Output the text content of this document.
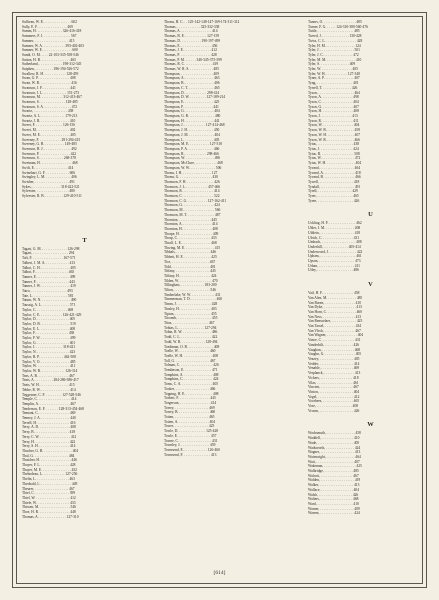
Sullivan, W. E. . . . . . . . . . . . . . . . 602
Sully, E. F. . . . . . . . . . . . . . . . . 469
Summ, H. . . . . . . . . . . . . . . 326-416-418
Summers, F. J. . . . . . . . . . . . . . . . 567
Sumner, . . . . . . . . . . . . . . . . . . . 415
Sumner, W. A. . . . . . . . . . . . . 393-402-403
Sumner, W. E. . . . . . . . . . . . . . . . . 600
Sundt, O. M. . . . . 22-103-335-558-546
Sutton, H. B. . . . . . . . . . . . . . . . . 465
Sutherland, . . . . . . . . . . . . . 198-312-345
Sutphen, . . . . . . . . . . 186-194-526-572
Swallow, R. H. . . . . . . . . . . . . 128-459
Swan, G. P. . . . . . . . . . . . . . . . . . 408
Swan, W. B. . . . . . . . . . . . . . . . . . 416
Swanson, J. F. . . . . . . . . . . . . . . . 441
Swanson, I. L. . . . . . . . . . . . . . 151-273
Swanson, M. . . . . . . . . . . . . 312-413-467
Swanson, S. . . . . . . . . . . . . . . 128-485
Swanson, S. A. . . . . . . . . . . . . . . . 472
Swartz, . . . . . . . . . . . . . . . . . . . 458
Swartz, A. L. . . . . . . . . . . . . . 179-213
Swartz, J. R. . . . . . . . . . . . . . . . . 410
Sweet, F. . . . . . . . . . . . . . . . 126-156
Sweet, M. . . . . . . . . . . . . . . . . . . 402
Sweet, M. E. . . . . . . . . . . . . . . . . 405
Sweeney, F. . . . . . . . . . . . . 291-294-415
Sweeney, G. B. . . . . . . . . . . . 149-485
Swenson, H. J. . . . . . . . . . . . . . . . 492
Swenson, P. . . . . . . . . . . . . . . . . . 422
Swenson, S. . . . . . . . . . . . . . 268-378
Swetnam, H. . . . . . . . . . . . . . . . . . 468
Swift, E. . . . . . . . . . . . . . . . . . . 414
Swinehart, G. F. . . . . . . . . . . . . . 606
Swingley, L. M. . . . . . . . . . . . . . . 406
Swisher, . . . . . . . . . . . . . . . . . . . 491
Sykes, . . . . . . . . . . . . . . . . 318-422-521
Sylvester, . . . . . . . . . . . . . . . . . . 480
Sylvester, R. B. . . . . . . . . . . 129-410-511
T
Tagart, G. M. . . . . . . . . . . . . . . 126-298
Tagart, . . . . . . . . . . . . . . . . . . . . 294
Taft, F. . . . . . . . . . . . . . . . . . 167-571
Talbert, J. M. A. . . . . . . . . . . . . . 413
Talbot, C. H. . . . . . . . . . . . . . . . . 405
Talbot, F. . . . . . . . . . . . . . . . . . . 465
Tanner, E. . . . . . . . . . . . . . . . . . . 499
Tanner, F. . . . . . . . . . . . . . . . . . . 443
Tanner, J. W. . . . . . . . . . . . . . . . . 419
Tatro, . . . . . . . . . . . . . . . . . . . . 493
Tate, L. . . . . . . . . . . . . . . . . . . . 581
Tatum, W. N. . . . . . . . . . . . . . . . . 490
Taussig, A. L. . . . . . . . . . . . . . . . 571
Taylor, C. . . . . . . . . . . . . . . . . . 468
Taylor, C. E. . . . . . . . . . . . . 126-421-429
Taylor, D. . . . . . . . . . . . . . . . . . . 405
Taylor, D. B. . . . . . . . . . . . . . . . . 519
Taylor, E. L. . . . . . . . . . . . . . . . . 408
Taylor, F. . . . . . . . . . . . . . . . . . . 438
Taylor, F. W. . . . . . . . . . . . . . . . . 499
Taylor, G. . . . . . . . . . . . . . . . . . . 401
Taylor, J. . . . . . . . . . . . . . . . 318-421
Taylor, N. . . . . . . . . . . . . . . . . . . 423
Taylor, R. P. . . . . . . . . . . . . . 462-508
Taylor, V. O. . . . . . . . . . . . . . . . . 485
Taylor, W. . . . . . . . . . . . . . . . . . . 411
Taylor, W. R. . . . . . . . . . . . . . 126-314
Teas, A. B. . . . . . . . . . . . . . . . . . 467
Teats, A. . . . . . . . . . . 284-286-386-417
Teats, W. H. . . . . . . . . . . . . . . . . 415
Tebbe, R. W. . . . . . . . . . . . . . . . . 414
Teggesner, C. F. . . . . . . . . . 127-528-546
Temple, C. . . . . . . . . . . . . . . . . . . 414
Templin, A. . . . . . . . . . . . . . . . . . 467
Tenderson, E. F. . . . . . . . 128-313-454-468
Tennant, C. . . . . . . . . . . . . . . . . . 469
Tenney, J. A. . . . . . . . . . . . . . . . . 440
Terrell, H. . . . . . . . . . . . . . . . . . . 416
Terry, A. D. . . . . . . . . . . . . . . . . . 408
Terry, B. . . . . . . . . . . . . . . . . . . . 418
Terry, C. W. . . . . . . . . . . . . . . . . . 412
Terry, H. . . . . . . . . . . . . . . . . . . . 422
Terry, S. H. . . . . . . . . . . . . . . . . . 414
Thacher, G. B. . . . . . . . . . . . . . . . . 404
Thal, G. . . . . . . . . . . . . . . . . . . . 484
Thatcher, H. . . . . . . . . . . . . . . . . . 446
Thayer, F. L. . . . . . . . . . . . . . . . . 428
Thayer, M. E. . . . . . . . . . . . . . . . . 452
Thebodeau, L. . . . . . . . . . . . . 127-256
Thelin, L. . . . . . . . . . . . . . . . . . . 463
Theobald, L. . . . . . . . . . . . . . . . . . 449
Theurer, . . . . . . . . . . . . . . . . . . . 467
Thiel, C. . . . . . . . . . . . . . . . . . . . 399
Thiel, W. . . . . . . . . . . . . . . . . . . . 412
Thiele, W. . . . . . . . . . . . . . . . . . . 433
Thissen, M. . . . . . . . . . . . . . . . . . 546
Thoe, H. R. . . . . . . . . . . . . . . . . . 448
Thomas, A. . . . . . . . . . . . . . . . 127-310
Thoms, H. C. . . 125-142-148-147-169-174-311-312
Thomas, . . . . . . . . . . . . . 325-332-338
Thomas, A. . . . . . . . . . . . . . . . . . 414
Thomas, B. E. . . . . . . . . . . . . 127-159
Thomas, D. . . . . . . . . . . . 190-197-499
Thomas, E. . . . . . . . . . . . . . . . . . 456
Thomas, J. E. . . . . . . . . . . . . . . . 412
Thomas, P. . . . . . . . . . . . . . . . . . 428
Thomas, P. M. . . . . . . 340-345-375-399
Thomas, R. C. . . . . . . . . . . . . . . . 419
Thomas, W. R. S. . . . . . . . . . . . . . 485
Thompson, . . . . . . . . . . . . . . . . . . 409
Thompson, A. . . . . . . . . . . . . . . . . 463
Thompson, B. . . . . . . . . . . . . . . . . 406
Thompson, C. T. . . . . . . . . . . . . . . 465
Thompson, D. . . . . . . . . . . . . 298-414
Thompson, D. W. . . . . . . . . . 127-189-214
Thompson, E. . . . . . . . . . . . . . . . . 425
Thompson, F. . . . . . . . . . . . . . . . . 441
Thompson, G. . . . . . . . . . . . . . . . . 404
Thompson, G. R. . . . . . . . . . . . . . . 480
Thompson, H. . . . . . . . . . . . . . . . . 441
Thompson, J. . . . . . . . . . . . . 127-414-468
Thompson, J. H. . . . . . . . . . . . . . . 450
Thompson, J. M. . . . . . . . . . . . . . . 404
Thompson, L. . . . . . . . . . . . . . . . . 405
Thompson, M. E. . . . . . . . . . . . 127-518
Thompson, P. A. . . . . . . . . . . . . . . 466
Thompson, R. . . . . . . . . . . . . 298-466
Thompson, W. . . . . . . . . . . . . . . . . 496
Thompson, McClure, . . . . . . . . . . . . 468
Thompson, W. W. . . . . . . . . . . . . . . 506
Thoms, I. H. . . . . . . . . . . . . . . . . 127
Thoms, G. . . . . . . . . . . . . . . . . . . 430
Thomson, F. H. . . . . . . . . . . . . . . . 426
Thomson, J. L. . . . . . . . . . . . . 457-466
Thomson, R. . . . . . . . . . . . . . . . . . 414
Thomson, C. . . . . . . . . . . . . . . . . . 522
Thomson, C. G. . . . . . . . . . . . 127-162-411
Thomson, G. . . . . . . . . . . . . . . . . . 424
Thomson, M. . . . . . . . . . . . . . . . . . 566
Thomson, M. T. . . . . . . . . . . . . . . . 487
Thornton, . . . . . . . . . . . . . . . . . . 445
Thornton, A. . . . . . . . . . . . . . . . . 414
Thornton, H. . . . . . . . . . . . . . . . . 408
Thorpe, H. . . . . . . . . . . . . . . . . . . 409
Thorp, C. . . . . . . . . . . . . . . . . . . 433
Thrall, L. E. . . . . . . . . . . . . . . . . 468
Thwing, M. E. . . . . . . . . . . . . . . . . 415
Tibbals, . . . . . . . . . . . . . . . . . . . 446
Tibbett, H. E. . . . . . . . . . . . . . . . 425
Tice, . . . . . . . . . . . . . . . . . . . . . 467
Tidd, . . . . . . . . . . . . . . . . . . . . . 401
Tiffany, . . . . . . . . . . . . . . . . . . . 445
Tiffany, H. . . . . . . . . . . . . . . . . . 424
Tilden, W. . . . . . . . . . . . . . . . . . . 470
Tillinghast, . . . . . . . . . . . . . 183-200
Tilton, . . . . . . . . . . . . . . . . . . . . 546
Timberlake, W. W. . . . . . . . . . . . . . 431
Timmerman, T. D. . . . . . . . . . . . . . . 460
Timm, J. . . . . . . . . . . . . . . . . . . . 428
Tinsley, H. . . . . . . . . . . . . . . . . . 403
Tipton, . . . . . . . . . . . . . . . . . . . . 455
Titcomb, . . . . . . . . . . . . . . . . . . . 455
Titus, . . . . . . . . . . . . . . . . . . . . 467
Tobias, L. . . . . . . . . . . . . . . 127-294
Tobin, R. W. . . . . . . . . . . . . . . . . 486
Todd, C. L. . . . . . . . . . . . . . . . . . 422
Todd, W. B. . . . . . . . . . . . . . 128-494
Toedtman, O. B. . . . . . . . . . . . . . . 408
Toelle, W. . . . . . . . . . . . . . . . . . 460
Toelle, W. H. . . . . . . . . . . . . . . . . 408
Toll, G. . . . . . . . . . . . . . . . . . . . 467
Tolman, C. . . . . . . . . . . . . . . . . . . 426
Tomlinson, E. . . . . . . . . . . . . . . . 471
Tompkins, A. . . . . . . . . . . . . . . . . 408
Tompkins, C. . . . . . . . . . . . . . . . . 424
Toms, C. A. . . . . . . . . . . . . . . . . . 405
Tooker, . . . . . . . . . . . . . . . . . . . 466
Topping, H. E. . . . . . . . . . . . . . . . 408
Torbert, F. . . . . . . . . . . . . . . . . . 445
Torgerson, . . . . . . . . . . . . . . . . . 414
Torrey, . . . . . . . . . . . . . . . . . . . 469
Torrey, B. . . . . . . . . . . . . . . . . . 460
Totten, . . . . . . . . . . . . . . . . . . . 465
Totten, A. . . . . . . . . . . . . . . . . . 404
Tower, . . . . . . . . . . . . . . . . . . . 425
Towle, D. . . . . . . . . . . . . . . . 125-428
Towle, E. . . . . . . . . . . . . . . . . . . 457
Towne, C. . . . . . . . . . . . . . . . . . . 431
Townley, J. . . . . . . . . . . . . . . . . 459
Townsend, E. . . . . . . . . . . . . . 126-460
Townsend, F. . . . . . . . . . . . . . . . 413
Tuners, O. . . . . . . . . . . . . . . . . . . 485
Turner, F. G. . . . . . 124-310-380-560-476
Tuttle, . . . . . . . . . . . . . . . . . . . . 485
Tweed, J. . . . . . . . . . . . . . . . 130-428
Twiss, C. L. . . . . . . . . . . . . . . . . . 428
Tyler, H. M. . . . . . . . . . . . . . . . . 124
Tyler, J. . . . . . . . . . . . . . . . . . . . 501
Tyler, J. C. . . . . . . . . . . . . . . . . 472
Tyler, M. M. . . . . . . . . . . . . . . . . 410
Tyler, S. . . . . . . . . . . . . . . . . 409
Tyler, W. . . . . . . . . . . . . . . . . . 405
Tyler, W. H. . . . . . . . . . . . . 127-348
Tyner, A. P. . . . . . . . . . . . . . . . . 407
Tyng, . . . . . . . . . . . . . . . . . . . . 401
Tyrrell, T. . . . . . . . . . . . . . . . . 426
Tyson, . . . . . . . . . . . . . . . . . . . . 464
Tyson, A. . . . . . . . . . . . . . . . . . 498
Tyson, C. . . . . . . . . . . . . . . . . . 404
Tyson, G. . . . . . . . . . . . . . . . . . 407
Tyson, H. . . . . . . . . . . . . . . . . . 408
Tyson, J. . . . . . . . . . . . . . . . . . 413
Tyson, R. . . . . . . . . . . . . . . . . . 411
Tyson, W. . . . . . . . . . . . . . . . . . 404
Tyson, W. B. . . . . . . . . . . . . . . . 458
Tyson, W. H. . . . . . . . . . . . . . . . 407
Tyson, W. R. . . . . . . . . . . . . . . . 466
Tytus, . . . . . . . . . . . . . . . . . . . . 438
Tytus, J. . . . . . . . . . . . . . . . . . . 424
Tytus, R. . . . . . . . . . . . . . . . . . . 508
Tytus, W. . . . . . . . . . . . . . . . . . . 472
Tytus, W. H. . . . . . . . . . . . . . . . . 404
Tyvand, . . . . . . . . . . . . . . . . . . . 464
Tyvand, A. . . . . . . . . . . . . . . . . . 418
Tyvand, B. . . . . . . . . . . . . . . . . . 466
Tywell, . . . . . . . . . . . . . . . . . . . 418
Tyndall, . . . . . . . . . . . . . . . . . . . 491
Tyrell, . . . . . . . . . . . . . . . . . . . 429
Tyrer, . . . . . . . . . . . . . . . . . . . . 465
Tyree, . . . . . . . . . . . . . . . . . . . . 426
U
Uckling, H. F. . . . . . . . . . . . . . . . 462
Uhler, J. M. . . . . . . . . . . . . . . . . 408
Uihlein, . . . . . . . . . . . . . . . . . . . 418
Ulrich, C. . . . . . . . . . . . . . . . . . 431
Umbach, . . . . . . . . . . . . . . . . . . . 408
Underhill, . . . . . . . . . . . . . . 405-414
Underwood, J. . . . . . . . . . . . . . . . 422
Upham, . . . . . . . . . . . . . . . . . . . . 461
Upson, . . . . . . . . . . . . . . . . . . . . 473
Urban, . . . . . . . . . . . . . . . . . . . . 411
Utley, . . . . . . . . . . . . . . . . . . . . 486
V
Vail, H. F. . . . . . . . . . . . . . . . . . 458
Van Alen, M. . . . . . . . . . . . . . . . . 485
Van Buren, . . . . . . . . . . . . . . . . . 410
Van Dyke, . . . . . . . . . . . . . . . . . . 413
Van Horn, C. . . . . . . . . . . . . . . . . 460
Van Ness, . . . . . . . . . . . . . . . . . . 413
Van Rensselaer, . . . . . . . . . . . . . . 425
Van Tassel, . . . . . . . . . . . . . . . . . 434
Van Vleck, . . . . . . . . . . . . . . . . . 467
Van Wagner, . . . . . . . . . . . . . . . . . 404
Vance, C. . . . . . . . . . . . . . . . . . . 431
Vanderbilt, . . . . . . . . . . . . . . . . 426
Vaughan, . . . . . . . . . . . . . . . . . . 468
Vaughn, G. . . . . . . . . . . . . . . . . . 405
Veazey, . . . . . . . . . . . . . . . . . . . 405
Vedder, . . . . . . . . . . . . . . . . . . . 414
Venable, . . . . . . . . . . . . . . . . . . 469
Verplanck, . . . . . . . . . . . . . . . . . 413
Vickers, . . . . . . . . . . . . . . . . . . 418
Vilas, . . . . . . . . . . . . . . . . . . . . 461
Vincent, . . . . . . . . . . . . . . . . . . 467
Vinton, . . . . . . . . . . . . . . . . . . . 404
Vogel, . . . . . . . . . . . . . . . . . . . . 412
Voorhees, . . . . . . . . . . . . . . . . . 465
Vose, . . . . . . . . . . . . . . . . . . . . 408
Vroom, . . . . . . . . . . . . . . . . . . . 426
W
Wachsmuth, . . . . . . . . . . . . . . . . 458
Waddell, . . . . . . . . . . . . . . . . . . 410
Wade, . . . . . . . . . . . . . . . . . . . . 405
Wadsworth, . . . . . . . . . . . . . . . . 424
Wagner, . . . . . . . . . . . . . . . . . . . 413
Wainwright, . . . . . . . . . . . . . . . . 464
Wait, . . . . . . . . . . . . . . . . . . . . . 407
Wakeman, . . . . . . . . . . . . . . . . . . 425
Walbridge, . . . . . . . . . . . . . . . . 485
Walcott, . . . . . . . . . . . . . . . . . . 467
Walden, . . . . . . . . . . . . . . . . . . . 419
Walker, . . . . . . . . . . . . . . . . . . . 413
Wallace, . . . . . . . . . . . . . . . . . . 404
Walsh, . . . . . . . . . . . . . . . . . . . 426
Walters, . . . . . . . . . . . . . . . . . . 468
Ward, . . . . . . . . . . . . . . . . . . . . 410
Warner, . . . . . . . . . . . . . . . . . . . 409
Warren, . . . . . . . . . . . . . . . . . . . 424
[614]
